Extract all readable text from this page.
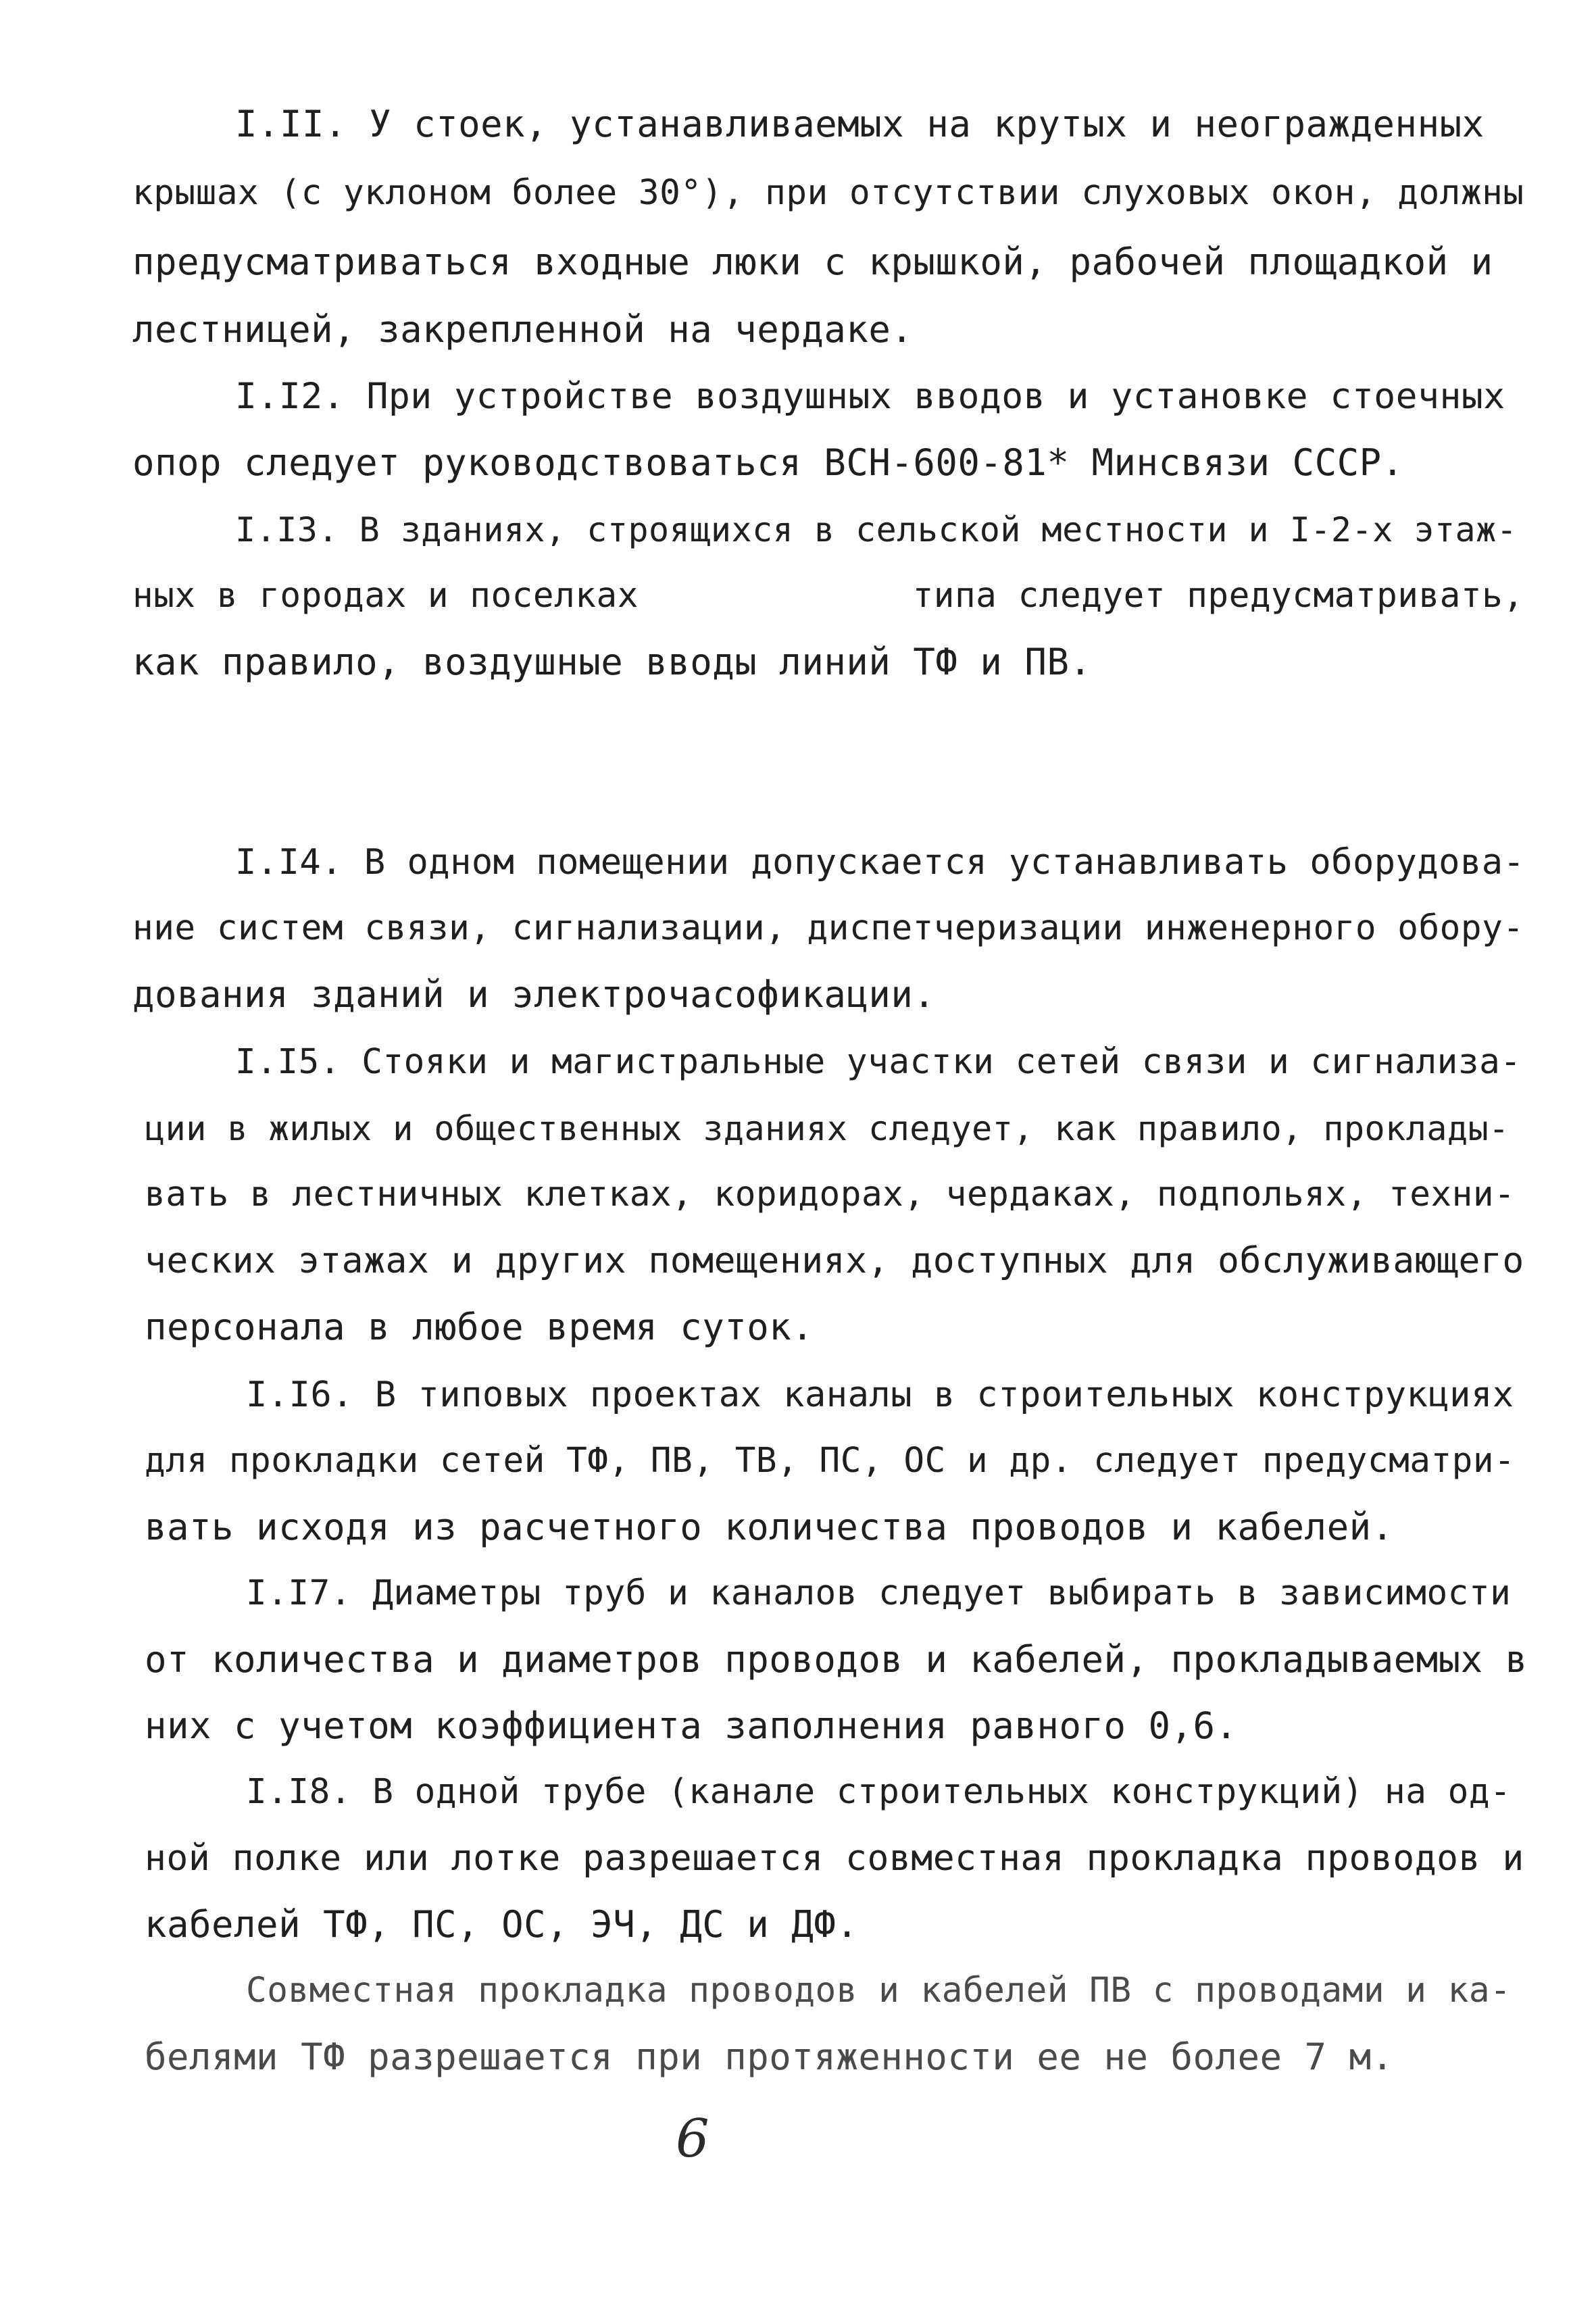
I.II. У стоек, устанавливаемых на крутых и неогражденных
крышах (с уклоном более 30°), при отсутствии слуховых окон, должны
предусматриваться входные люки с крышкой, рабочей площадкой и
лестницей, закрепленной на чердаке.
I.I2. При устройстве воздушных вводов и установке стоечных
опор следует руководствоваться ВСН-600-81* Минсвязи СССР.
I.I3. В зданиях, строящихся в сельской местности и I-2-х этаж-
ных в городах и поселках             типа следует предусматривать,
как правило, воздушные вводы линий ТФ и ПВ.
I.I4. В одном помещении допускается устанавливать оборудова-
ние систем связи, сигнализации, диспетчеризации инженерного обору-
дования зданий и электрочасофикации.
I.I5. Стояки и магистральные участки сетей связи и сигнализа-
ции в жилых и общественных зданиях следует, как правило, проклады-
вать в лестничных клетках, коридорах, чердаках, подпольях, техни-
ческих этажах и других помещениях, доступных для обслуживающего
персонала в любое время суток.
I.I6. В типовых проектах каналы в строительных конструкциях
для прокладки сетей ТФ, ПВ, ТВ, ПС, ОС и др. следует предусматри-
вать исходя из расчетного количества проводов и кабелей.
I.I7. Диаметры труб и каналов следует выбирать в зависимости
от количества и диаметров проводов и кабелей, прокладываемых в
них с учетом коэффициента заполнения равного 0,6.
I.I8. В одной трубе (канале строительных конструкций) на од-
ной полке или лотке разрешается совместная прокладка проводов и
кабелей ТФ, ПС, ОС, ЭЧ, ДС и ДФ.
Совместная прокладка проводов и кабелей ПВ с проводами и ка-
белями ТФ разрешается при протяженности ее не более 7 м.
6
